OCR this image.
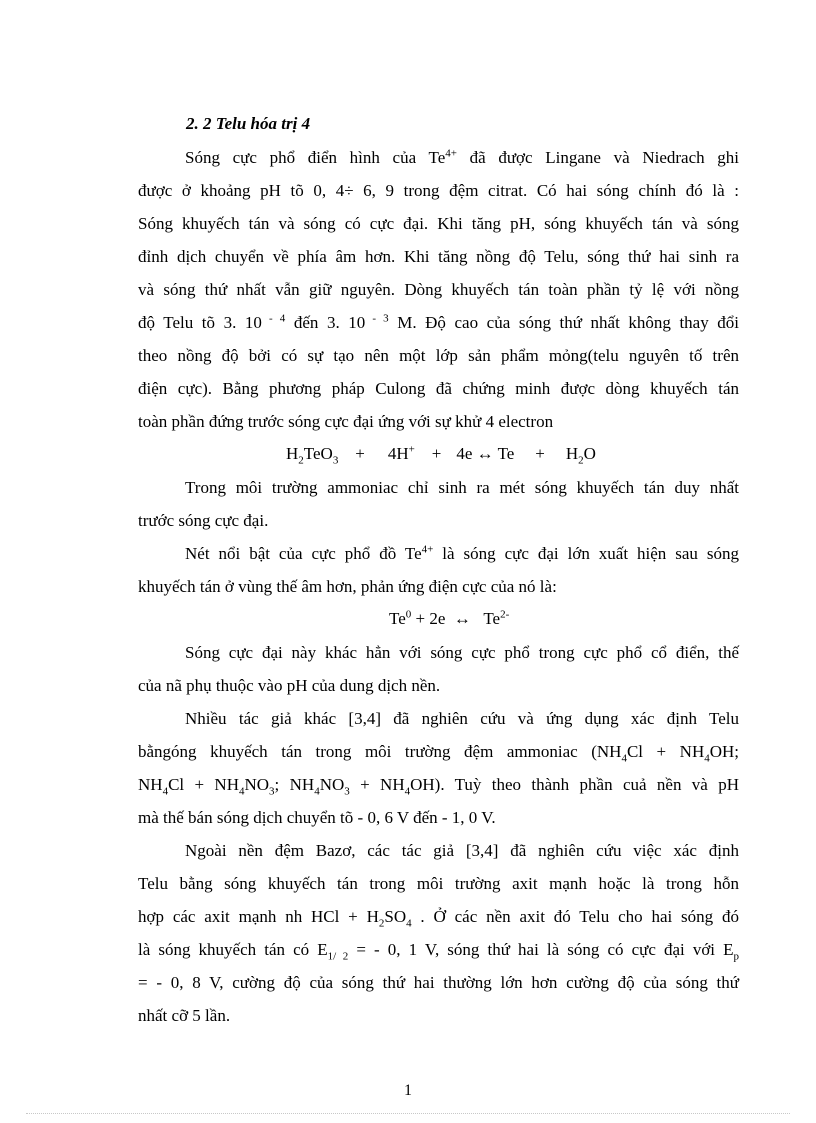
2. 2 Telu hóa trị 4
Sóng cực phổ điển hình của $Te^{4+}$ đã được Lingane và Niedrach ghi
được ở khoảng pH tõ 0, 4÷ 6, 9 trong đệm citrat. Có hai sóng chính đó là :
Sóng khuyếch tán và sóng có cực đại. Khi tăng pH, sóng khuyếch tán và sóng
đỉnh dịch chuyển về phía âm hơn. Khi tăng nồng độ Telu, sóng thứ hai sinh ra
và sóng thứ nhất vẫn giữ nguyên. Dòng khuyếch tán toàn phần tỷ lệ với nồng
độ Telu tõ 3. 10 $^{- 4}$ đến 3. 10 $^{- 3}$ M. Độ cao của sóng thứ nhất không thay đổi
theo nồng độ bởi có sự tạo nên một lớp sản phẩm mỏng(telu nguyên tố trên
điện cực). Bằng phương pháp Culong đã chứng minh được dòng khuyếch tán
toàn phần đứng trước sóng cực đại ứng với sự khử 4 electron
$H_2TeO_3 + 4H^+ + 4e$ ↔ $Te + H_2O$
Trong môi trường ammoniac chỉ sinh ra mét sóng khuyếch tán duy nhất
trước sóng cực đại.
Nét nổi bật của cực phổ đồ $Te^{4+}$ là sóng cực đại lớn xuất hiện sau sóng
khuyếch tán ở vùng thế âm hơn, phản ứng điện cực của nó là:
$Te^0 + 2e$  ↔   $Te^{2-}$
Sóng cực đại này khác hẳn với sóng cực phổ trong cực phổ cổ điển, thế
của nã phụ thuộc vào pH của dung dịch nền.
Nhiều  tác  giả  khác  [3,4]  đã  nghiên  cứu  và  ứng  dụng  xác  định  Telu
bằngóng khuyếch tán trong môi trường đệm ammoniac ($NH_4Cl + NH_4OH$;
$NH_4Cl + NH_4NO_3$; $NH_4NO_3 + NH_4OH$). Tuỳ theo thành phần cuả nền và pH
mà thế bán sóng dịch chuyển tõ - 0, 6 V đến - 1, 0 V.
Ngoài  nền  đệm  Bazơ,  các  tác  giả  [3,4]  đã  nghiên  cứu  việc  xác  định
Telu bằng sóng khuyếch tán trong môi trường axit mạnh hoặc là trong hỗn
hợp các axit mạnh nh HCl + $H_2SO_4$ . Ở các nền axit đó Telu cho hai sóng đó
là sóng khuyếch tán có $E_{1/ 2}$ = - 0, 1 V, sóng thứ hai là sóng có cực đại với $E_p$
= - 0, 8 V, cường độ của sóng thứ hai thường lớn hơn cường độ của sóng thứ
nhất cỡ 5 lần.
1
